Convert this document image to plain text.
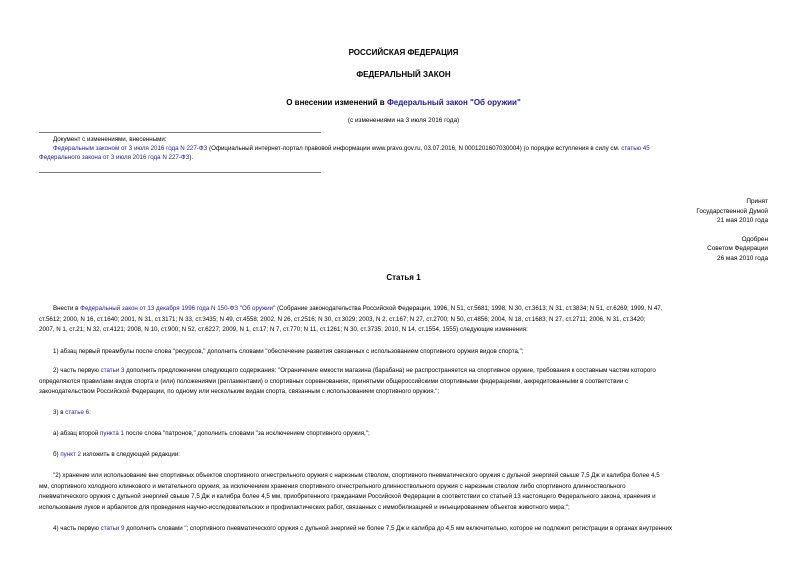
РОССИЙСКАЯ ФЕДЕРАЦИЯ
ФЕДЕРАЛЬНЫЙ ЗАКОН
О внесении изменений в Федеральный закон "Об оружии"
(с изменениями на 3 июля 2016 года)
Документ с изменениями, внесенными:
Федеральным законом от 3 июля 2016 года N 227-ФЗ (Официальный интернет-портал правовой информации www.pravo.gov.ru, 03.07.2016, N 0001201607030004) (о порядке вступления в силу см. статью 45
Федерального закона от 3 июля 2016 года N 227-ФЗ).
Принят
Государственной Думой
21 мая 2010 года
Одобрен
Советом Федерации
26 мая 2010 года
Статья 1
Внести в Федеральный закон от 13 декабря 1996 года N 150-ФЗ "Об оружии" (Собрание законодательства Российской Федерации, 1996, N 51, ст.5681; 1998, N 30, ст.3613; N 31, ст.3834; N 51, ст.6269; 1999, N 47,
ст.5612; 2000, N 16, ст.1640; 2001, N 31, ст.3171; N 33, ст.3435; N 49, ст.4558; 2002, N 26, ст.2516; N 30, ст.3029; 2003, N 2, ст.167; N 27, ст.2700; N 50, ст.4856; 2004, N 18, ст.1683; N 27, ст.2711; 2006, N 31, ст.3420;
2007, N 1, ст.21; N 32, ст.4121; 2008, N 10, ст.900; N 52, ст.6227; 2009, N 1, ст.17; N 7, ст.770; N 11, ст.1261; N 30, ст.3735; 2010, N 14, ст.1554, 1555) следующие изменения:
1) абзац первый преамбулы после слова "ресурсов," дополнить словами "обеспечение развития связанных с использованием спортивного оружия видов спорта,";
2) часть первую статьи 3 дополнить предложением следующего содержания: "Ограничение емкости магазина (барабана) не распространяется на спортивное оружие, требования к составным частям которого
определяются правилами видов спорта и (или) положениями (регламентами) о спортивных соревнованиях, принятыми общероссийскими спортивными федерациями, аккредитованными в соответствии с
законодательством Российской Федерации, по одному или нескольким видам спорта, связанным с использованием спортивного оружия.";
3) в статье 6:
а) абзац второй пункта 1 после слова "патронов," дополнить словами "за исключением спортивного оружия,";
б) пункт 2 изложить в следующей редакции:
"2) хранение или использование вне спортивных объектов спортивного огнестрельного оружия с нарезным стволом, спортивного пневматического оружия с дульной энергией свыше 7,5 Дж и калибра более 4,5
мм, спортивного холодного клинкового и метательного оружия, за исключением хранения спортивного огнестрельного длинноствольного оружия с нарезным стволом либо спортивного длинноствольного
пневматического оружия с дульной энергией свыше 7,5 Дж и калибра более 4,5 мм, приобретенного гражданами Российской Федерации в соответствии со статьей 13 настоящего Федерального закона, хранения и
использования луков и арбалетов для проведения научно-исследовательских и профилактических работ, связанных с иммобилизацией и инъецированием объектов животного мира;";
4) часть первую статьи 9 дополнить словами "; спортивного пневматического оружия с дульной энергией не более 7,5 Дж и калибра до 4,5 мм включительно, которое не подлежит регистрации в органах внутренних
